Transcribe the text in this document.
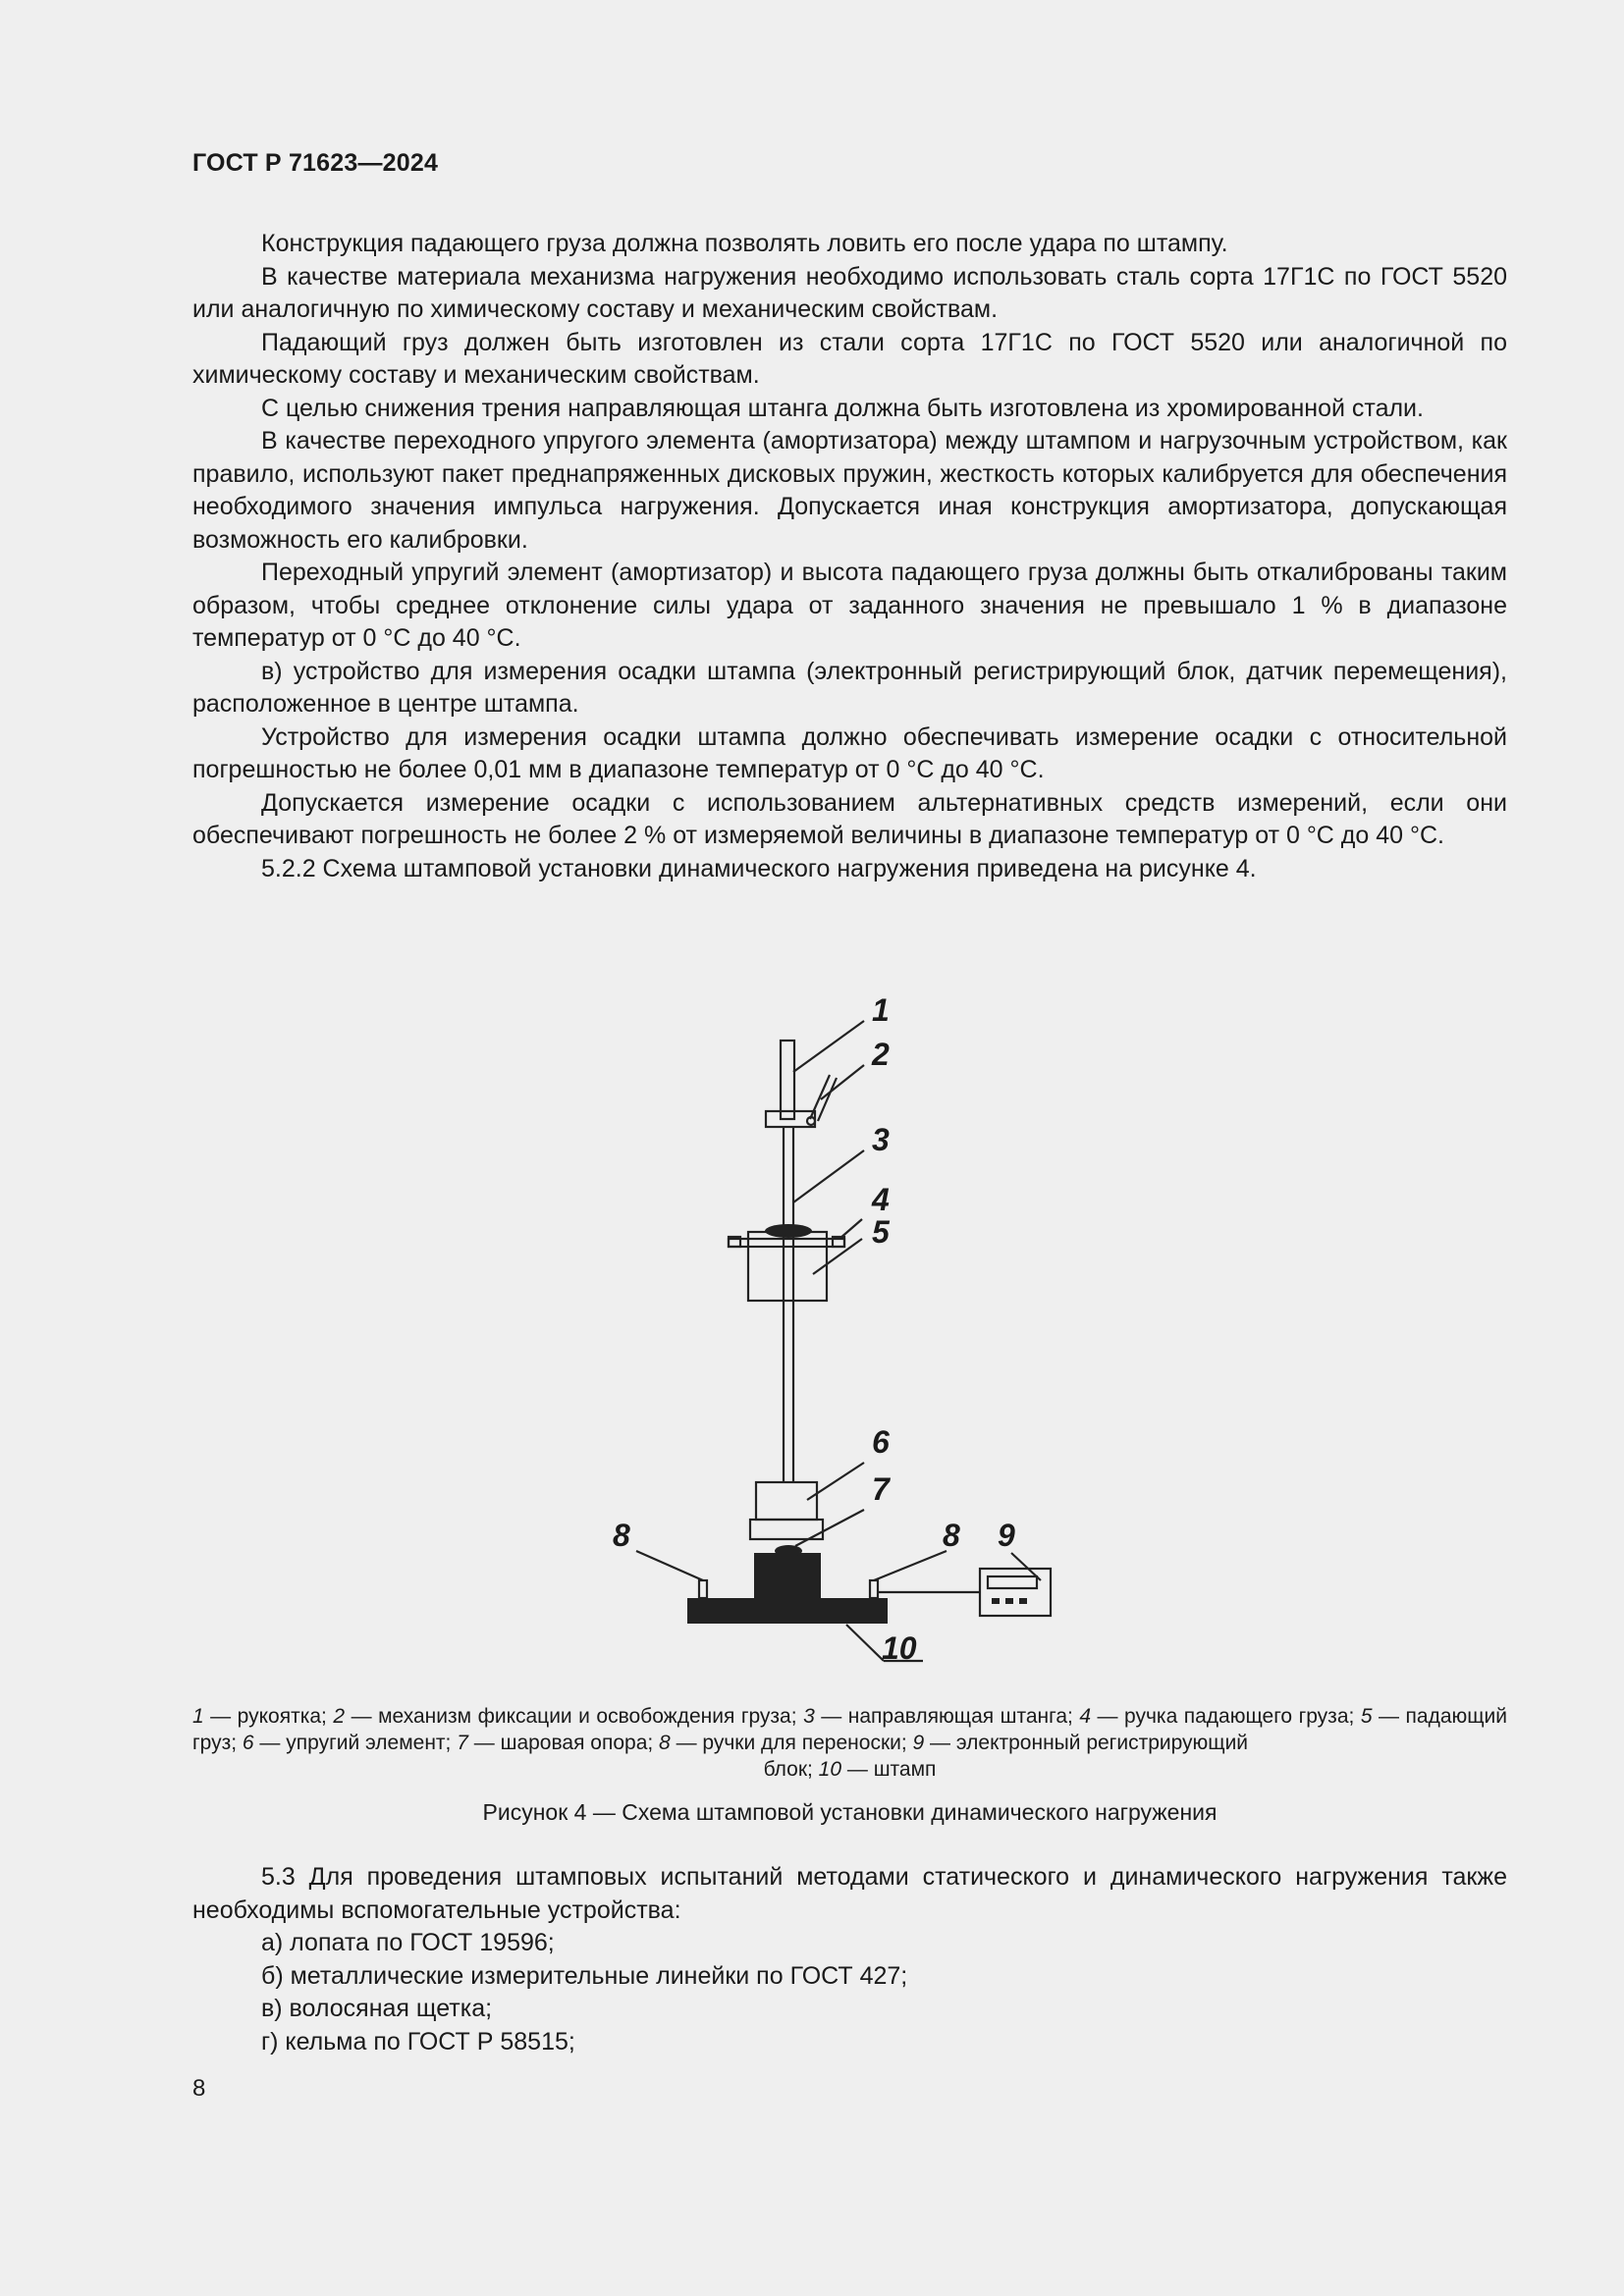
ГОСТ Р 71623—2024

Конструкция падающего груза должна позволять ловить его после удара по штампу.

В качестве материала механизма нагружения необходимо использовать сталь сорта 17Г1С по ГОСТ 5520 или аналогичную по химическому составу и механическим свойствам.

Падающий груз должен быть изготовлен из стали сорта 17Г1С по ГОСТ 5520 или аналогичной по химическому составу и механическим свойствам.

С целью снижения трения направляющая штанга должна быть изготовлена из хромированной стали.

В качестве переходного упругого элемента (амортизатора) между штампом и нагрузочным устройством, как правило, используют пакет преднапряженных дисковых пружин, жесткость которых калибруется для обеспечения необходимого значения импульса нагружения. Допускается иная конструкция амортизатора, допускающая возможность его калибровки.

Переходный упругий элемент (амортизатор) и высота падающего груза должны быть откалиброваны таким образом, чтобы среднее отклонение силы удара от заданного значения не превышало 1 % в диапазоне температур от 0 °С до 40 °С.

в) устройство для измерения осадки штампа (электронный регистрирующий блок, датчик перемещения), расположенное в центре штампа.

Устройство для измерения осадки штампа должно обеспечивать измерение осадки с относительной погрешностью не более 0,01 мм в диапазоне температур от 0 °С до 40 °С.

Допускается измерение осадки с использованием альтернативных средств измерений, если они обеспечивают погрешность не более 2 % от измеряемой величины в диапазоне температур от 0 °С до 40 °С.

5.2.2 Схема штамповой установки динамического нагружения приведена на рисунке 4.

1
2
3
4
5
6
7
8	8 9
10
1 — рукоятка; 2 — механизм фиксации и освобождения груза; 3 — направляющая штанга; 4 — ручка падающего груза; 5 — падающий груз; 6 — упругий элемент; 7 — шаровая опора; 8 — ручки для переноски; 9 — электронный регистрирующий
блок; 10 — штамп
Рисунок 4 — Схема штамповой установки динамического нагружения

5.3 Для проведения штамповых испытаний методами статического и динамического нагружения также необходимы вспомогательные устройства:

а) лопата по ГОСТ 19596;

б) металлические измерительные линейки по ГОСТ 427;

в) волосяная щетка;

г) кельма по ГОСТ Р 58515;

8
